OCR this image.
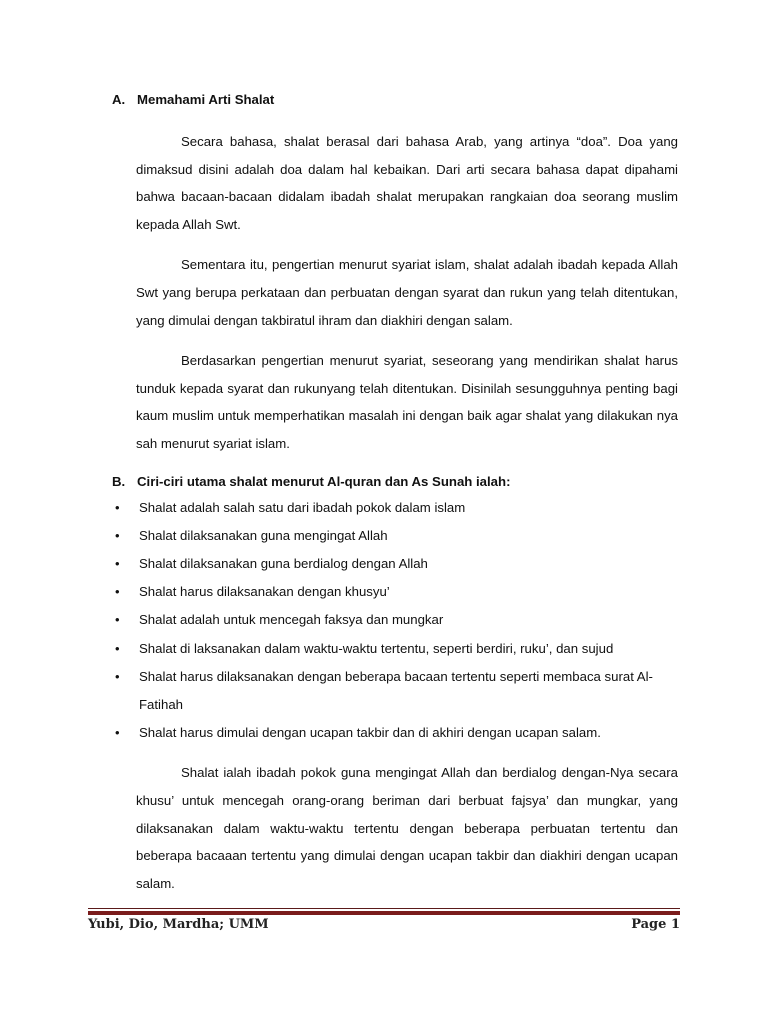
A. Memahami Arti Shalat

Secara bahasa, shalat berasal dari bahasa Arab, yang artinya “doa”. Doa yang dimaksud disini adalah doa dalam hal kebaikan. Dari arti secara bahasa dapat dipahami bahwa bacaan-bacaan didalam ibadah shalat merupakan rangkaian doa seorang muslim kepada Allah Swt.

Sementara itu, pengertian menurut syariat islam, shalat adalah ibadah kepada Allah Swt yang berupa perkataan dan perbuatan dengan syarat dan rukun yang telah ditentukan, yang dimulai dengan takbiratul ihram dan diakhiri dengan salam.

Berdasarkan pengertian menurut syariat, seseorang yang mendirikan shalat harus tunduk kepada syarat dan rukunyang telah ditentukan. Disinilah sesungguhnya penting bagi kaum muslim untuk memperhatikan masalah ini dengan baik agar shalat yang dilakukan nya sah menurut syariat islam.

B. Ciri-ciri utama shalat menurut Al-quran dan As Sunah ialah:
•	Shalat adalah salah satu dari ibadah pokok dalam islam
•	Shalat dilaksanakan guna mengingat Allah
•	Shalat dilaksanakan guna berdialog dengan Allah
•	Shalat harus dilaksanakan dengan khusyu’
•	Shalat adalah untuk mencegah faksya dan mungkar
•	Shalat di laksanakan dalam waktu-waktu tertentu, seperti berdiri, ruku’, dan sujud
•	Shalat harus dilaksanakan dengan beberapa bacaan tertentu seperti membaca surat Al-Fatihah
•	Shalat harus dimulai dengan ucapan takbir dan di akhiri dengan ucapan salam.

Shalat ialah ibadah pokok guna mengingat Allah dan berdialog dengan-Nya secara khusu’ untuk mencegah orang-orang beriman dari berbuat fajsya’ dan mungkar, yang dilaksanakan dalam waktu-waktu tertentu dengan beberapa perbuatan tertentu dan beberapa bacaaan tertentu yang dimulai dengan ucapan takbir dan diakhiri dengan ucapan salam.

Yubi, Dio, Mardha; UMM	Page 1
